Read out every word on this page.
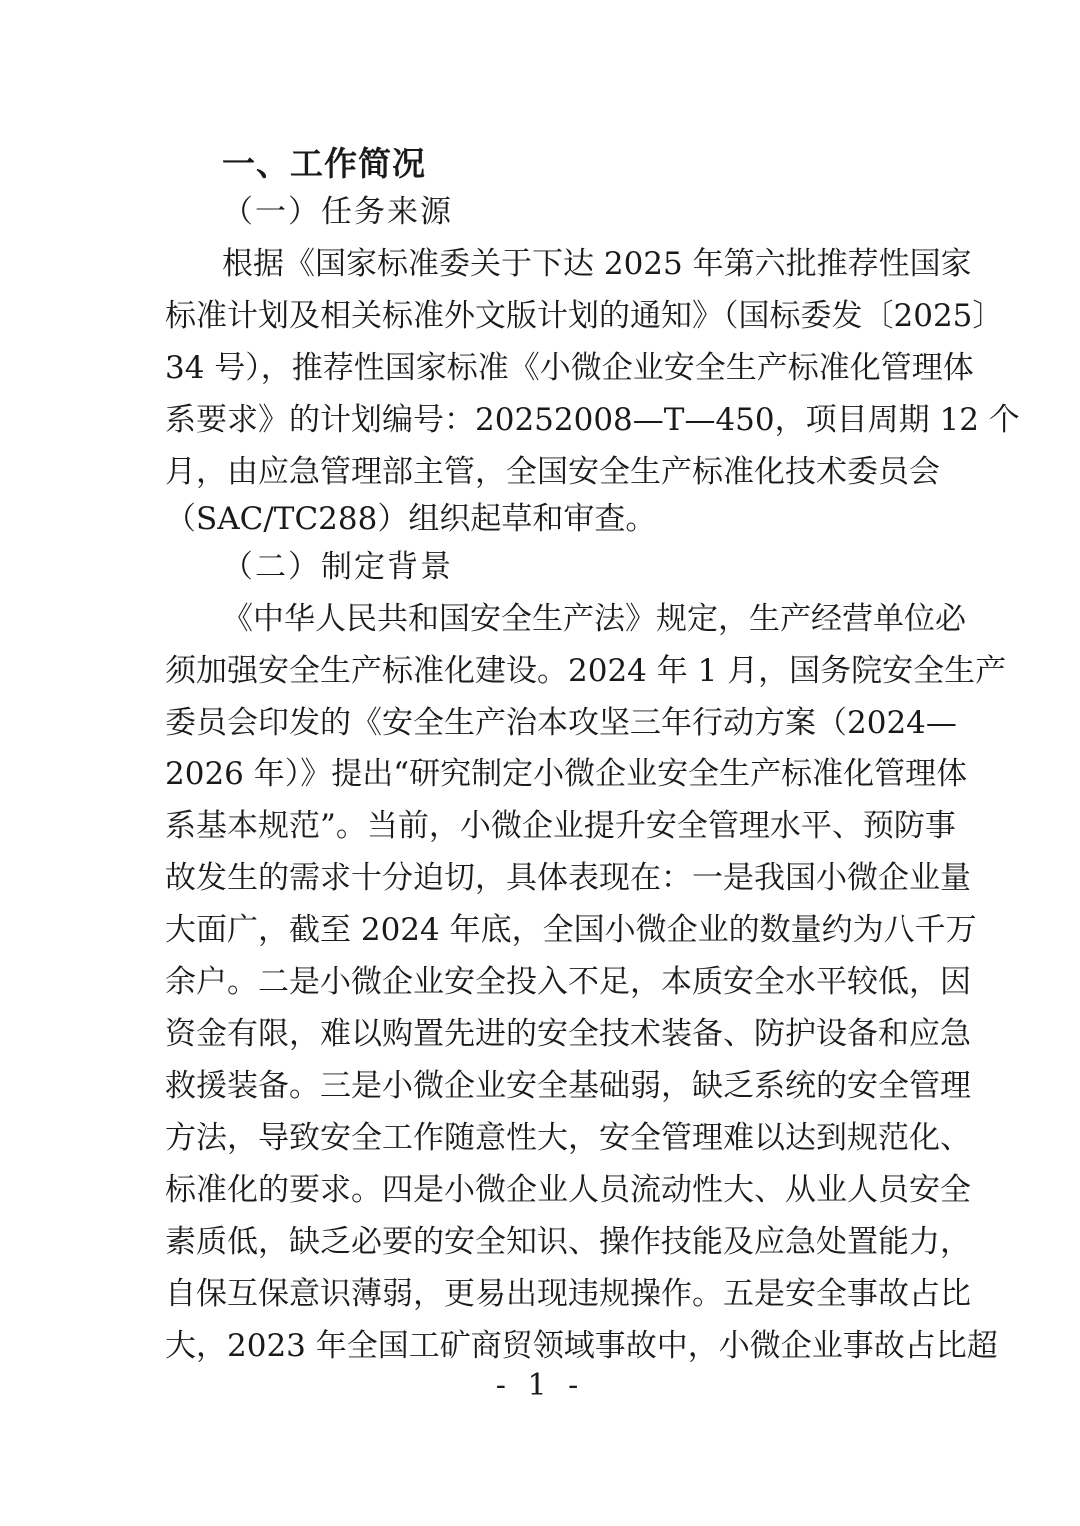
一、工作简况
（一）任务来源
根据《国家标准委关于下达 2025 年第六批推荐性国家
标准计划及相关标准外文版计划的通知》（国标委发〔2025〕
34 号），推荐性国家标准《小微企业安全生产标准化管理体
系要求》的计划编号：20252008—T—450，项目周期 12 个
月，由应急管理部主管，全国安全生产标准化技术委员会
（SAC/TC288）组织起草和审查。
（二）制定背景
《中华人民共和国安全生产法》规定，生产经营单位必
须加强安全生产标准化建设。2024 年 1 月，国务院安全生产
委员会印发的《安全生产治本攻坚三年行动方案（2024—
2026 年）》提出“研究制定小微企业安全生产标准化管理体
系基本规范”。当前，小微企业提升安全管理水平、预防事
故发生的需求十分迫切，具体表现在：一是我国小微企业量
大面广，截至 2024 年底，全国小微企业的数量约为八千万
余户。二是小微企业安全投入不足，本质安全水平较低，因
资金有限，难以购置先进的安全技术装备、防护设备和应急
救援装备。三是小微企业安全基础弱，缺乏系统的安全管理
方法，导致安全工作随意性大，安全管理难以达到规范化、
标准化的要求。四是小微企业人员流动性大、从业人员安全
素质低，缺乏必要的安全知识、操作技能及应急处置能力，
自保互保意识薄弱，更易出现违规操作。五是安全事故占比
大，2023 年全国工矿商贸领域事故中，小微企业事故占比超
- 1 -
